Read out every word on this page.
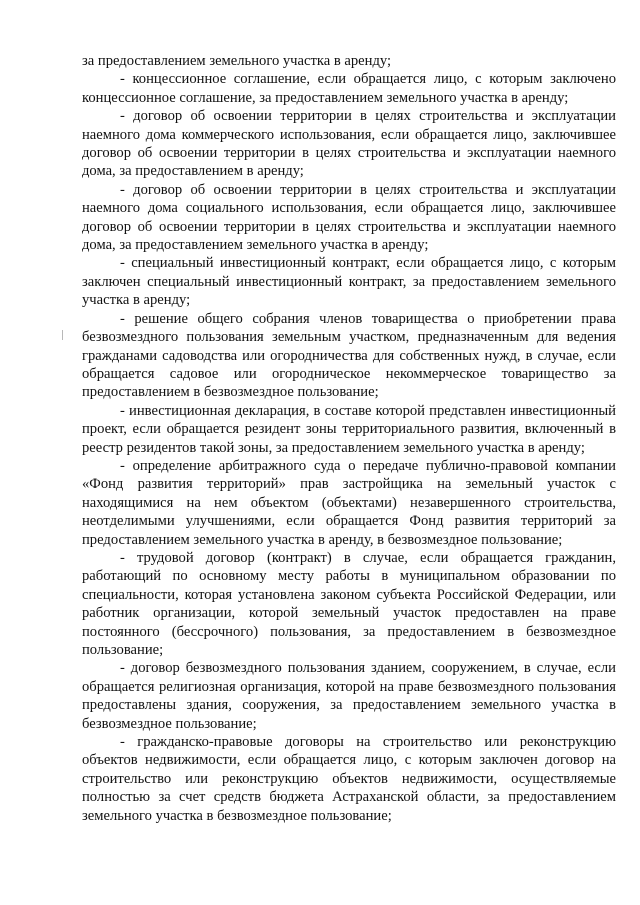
за предоставлением земельного участка в аренду;

- концессионное соглашение, если обращается лицо, с которым заключено концессионное соглашение, за предоставлением земельного участка в аренду;

- договор об освоении территории в целях строительства и эксплуатации наемного дома коммерческого использования, если обращается лицо, заключившее договор об освоении территории в целях строительства и эксплуатации наемного дома, за предоставлением в аренду;

- договор об освоении территории в целях строительства и эксплуатации наемного дома социального использования, если обращается лицо, заключившее договор об освоении территории в целях строительства и эксплуатации наемного дома, за предоставлением земельного участка в аренду;

- специальный инвестиционный контракт, если обращается лицо, с которым заключен специальный инвестиционный контракт, за предоставлением земельного участка в аренду;

- решение общего собрания членов товарищества о приобретении права безвозмездного пользования земельным участком, предназначенным для ведения гражданами садоводства или огородничества для собственных нужд, в случае, если обращается садовое или огородническое некоммерческое товарищество за предоставлением в безвозмездное пользование;

- инвестиционная декларация, в составе которой представлен инвестиционный проект, если обращается резидент зоны территориального развития, включенный в реестр резидентов такой зоны, за предоставлением земельного участка в аренду;

- определение арбитражного суда о передаче публично-правовой компании «Фонд развития территорий» прав застройщика на земельный участок с находящимися на нем объектом (объектами) незавершенного строительства, неотделимыми улучшениями, если обращается Фонд развития территорий за предоставлением земельного участка в аренду, в безвозмездное пользование;

- трудовой договор (контракт) в случае, если обращается гражданин, работающий по основному месту работы в муниципальном образовании по специальности, которая установлена законом субъекта Российской Федерации, или работник организации, которой земельный участок предоставлен на праве постоянного (бессрочного) пользования, за предоставлением в безвозмездное пользование;

- договор безвозмездного пользования зданием, сооружением, в случае, если обращается религиозная организация, которой на праве безвозмездного пользования предоставлены здания, сооружения, за предоставлением земельного участка в безвозмездное пользование;

- гражданско-правовые договоры на строительство или реконструкцию объектов недвижимости, если обращается лицо, с которым заключен договор на строительство или реконструкцию объектов недвижимости, осуществляемые полностью за счет средств бюджета Астраханской области, за предоставлением земельного участка в безвозмездное пользование;
